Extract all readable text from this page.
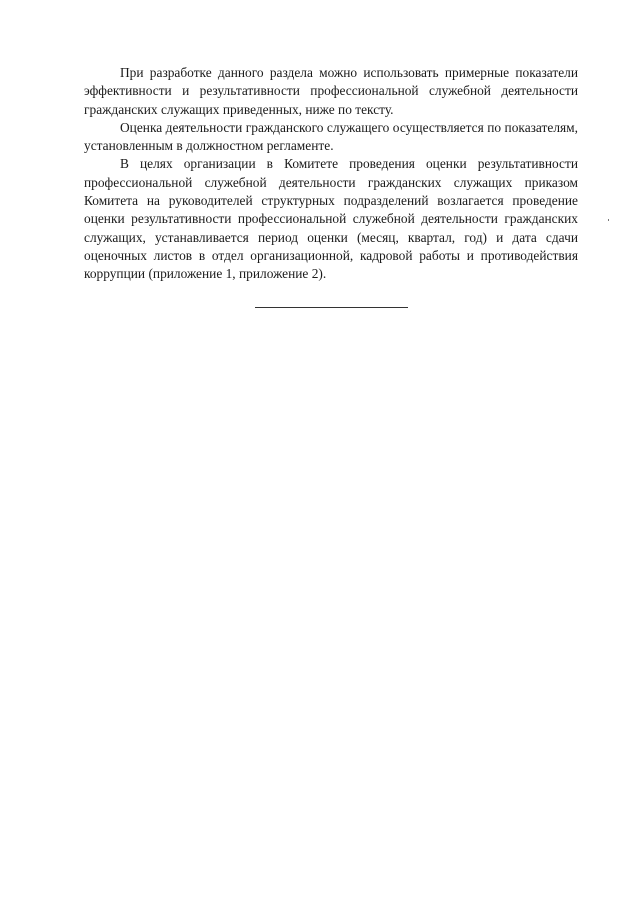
При разработке данного раздела можно использовать примерные показатели эффективности и результативности профессиональной служебной деятельности гражданских служащих приведенных, ниже по тексту.

Оценка деятельности гражданского служащего осуществляется по показателям, установленным в должностном регламенте.

В целях организации в Комитете проведения оценки результативности профессиональной служебной деятельности гражданских служащих приказом Комитета на руководителей структурных подразделений возлагается проведение оценки результативности профессиональной служебной деятельности гражданских служащих, устанавливается период оценки (месяц, квартал, год) и дата сдачи оценочных листов в отдел организационной, кадровой работы и противодействия коррупции (приложение 1, приложение 2).
